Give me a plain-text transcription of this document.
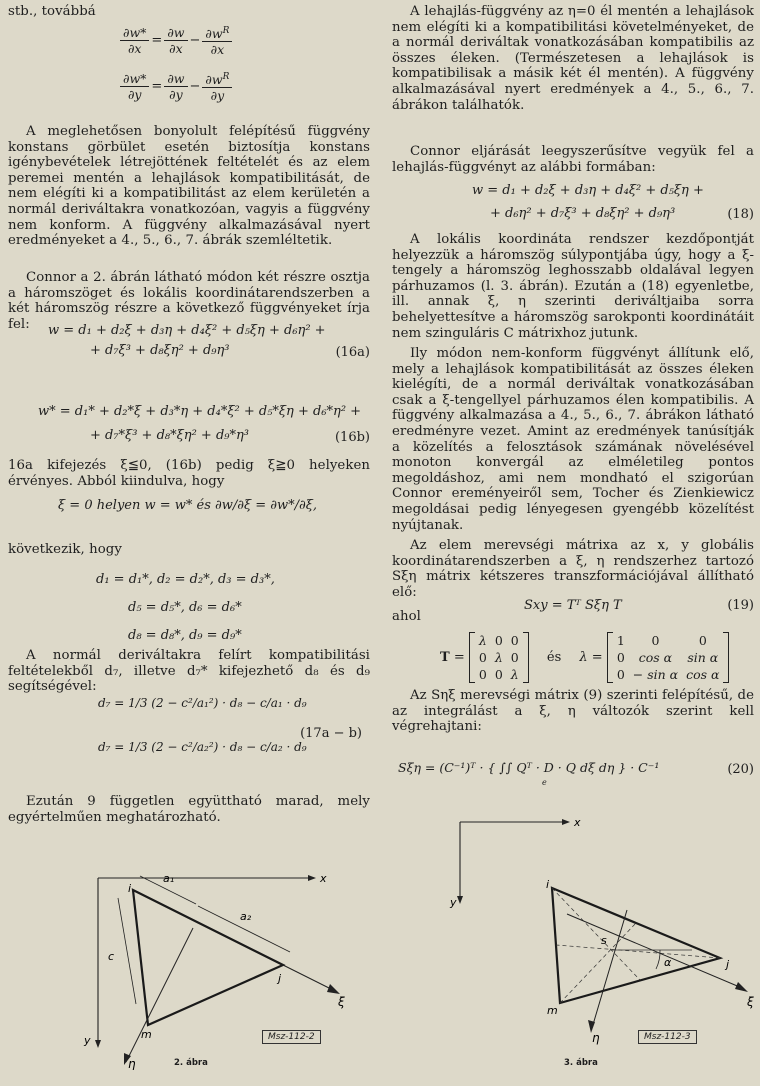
stb., továbbá

$\frac{\partial w*}{\partial x} = \frac{\partial w}{\partial x} - \frac{\partial w^R}{\partial x}$
$\frac{\partial w*}{\partial y} = \frac{\partial w}{\partial y} - \frac{\partial w^R}{\partial y}$

A meglehetősen bonyolult felépítésű függvény konstans görbület esetén biztosítja konstans igénybevételek létrejöttének feltételét és az elem peremei mentén a lehajlások kompatibilitását, de nem elégíti ki a kompatibilitást az elem kerületén a normál deriváltakra vonatkozóan, vagyis a függvény nem konform. A függvény alkalmazásával nyert eredményeket a 4., 5., 6., 7. ábrák szemléltetik.

Connor a 2. ábrán látható módon két részre osztja a háromszöget és lokális koordinátarendszerben a két háromszög részre a következő függvényeket írja fel:	w = d₁ + d₂ξ + d₃η + d₄ξ² + d₅ξη + d₆η² +
+ d₇ξ³ + d₈ξη² + d₉η³	(16a)
w* = d₁* + d₂*ξ + d₃*η + d₄*ξ² + d₅*ξη + d₆*η² +
+ d₇*ξ³ + d₈*ξη² + d₉*η³	(16b)

16a kifejezés ξ≦0, (16b) pedig ξ≧0 helyeken érvényes. Abból kiindulva, hogy

ξ = 0 helyen w = w* és ∂w/∂ξ = ∂w*/∂ξ,

következik, hogy

d₁ = d₁*, d₂ = d₂*, d₃ = d₃*,
d₅ = d₅*, d₆ = d₆*
d₈ = d₈*, d₉ = d₉*

A normál deriváltakra felírt kompatibilitási feltételekből d₇, illetve d₇* kifejezhető d₈ és d₉ segítségével:

d₇ = 1/3 (2 − c²/a₁²) · d₈ − c/a₁ · d₉
d₇ = 1/3 (2 − c²/a₂²) · d₈ − c/a₂ · d₉
(17a − b)

Ezután 9 független együttható marad, mely egyértelműen meghatározható.

x
y
ξ
η
a₁
a₂
c
i
j
m	Msz-112-2
2. ábra

A lehajlás-függvény az η=0 él mentén a lehajlások nem elégíti ki a kompatibilitási követelményeket, de a normál deriváltak vonatkozásában kompatibilis az összes éleken. (Természetesen a lehajlások is kompatibilisak a másik két él mentén). A függvény alkalmazásával nyert eredmények a 4., 5., 6., 7. ábrákon találhatók.

Connor eljárását leegyszerűsítve vegyük fel a lehajlás-függvényt az alábbi formában:

w = d₁ + d₂ξ + d₃η + d₄ξ² + d₅ξη +
+ d₆η² + d₇ξ³ + d₈ξη² + d₉η³	(18)

A lokális koordináta rendszer kezdőpontját helyezzük a háromszög súlypontjába úgy, hogy a ξ-tengely a háromszög leghosszabb oldalával legyen párhuzamos (l. 3. ábrán). Ezután a (18) egyenletbe, ill. annak ξ, η szerinti deriváltjaiba sorra behelyettesítve a háromszög sarokponti koordinátáit nem szinguláris C mátrixhoz jutunk.

Ily módon nem-konform függvényt állítunk elő, mely a lehajlások kompatibilitását az összes éleken kielégíti, de a normál deriváltak vonatkozásában csak a ξ-tengellyel párhuzamos élen kompatibilis. A függvény alkalmazása a 4., 5., 6., 7. ábrákon látható eredményre vezet. Amint az eredmények tanúsítják a közelítés a felosztások számának növelésével monoton konvergál az elméletileg pontos megoldáshoz, ami nem mondható el szigorúan Connor ereményeiről sem, Tocher és Zienkiewicz megoldásai pedig lényegesen gyengébb közelítést nyújtanak.

Az elem merevségi mátrixa az x, y globális koordinátarendszerben a ξ, η rendszerhez tartozó Sξη mátrix kétszeres transzformációjával állítható elő:

Sxy = Tᵀ Sξη T	(19)

ahol

T =
λ	0	0
0	λ	0
0	0	λ
és λ =
1	0	0
0	cos α	sin α
0	− sin α	cos α

Az Sηξ merevségi mátrix (9) szerinti felépítésű, de az integrálást a ξ, η változók szerint kell végrehajtani:

Sξη = (C⁻¹)ᵀ · { ∫∫ Qᵀ · D · Q dξ dη } · C⁻¹
e
(20)
x
y
ξ
η
i
j
m
s
α
Msz-112-3
3. ábra
